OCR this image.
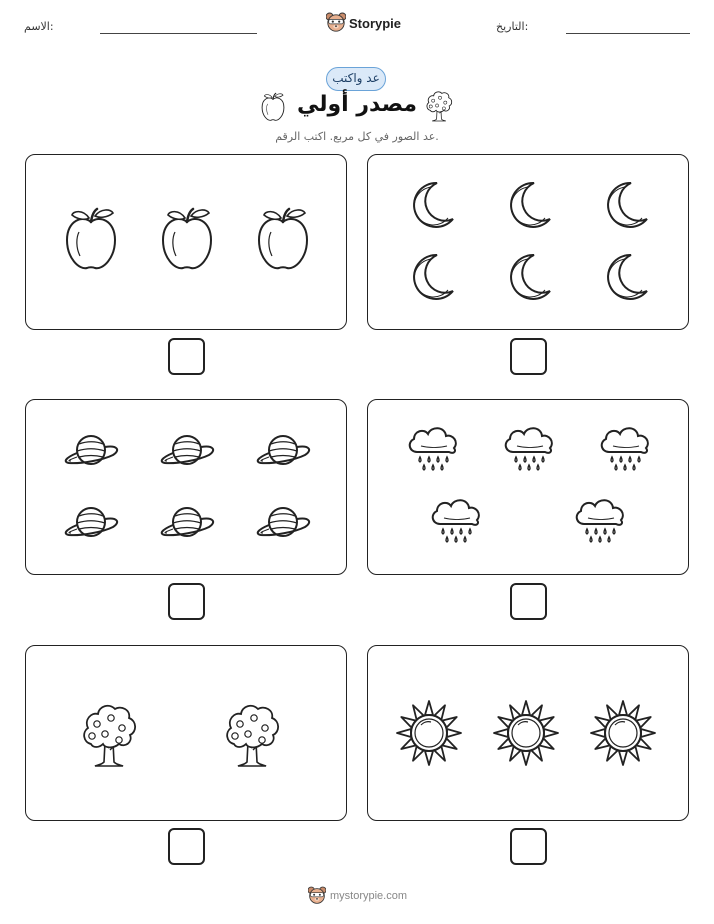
الاسم:	Storypie	التاريخ:
عد واكتب
مصدر أولي
عد الصور في كل مربع. اكتب الرقم.
mystorypie.com
